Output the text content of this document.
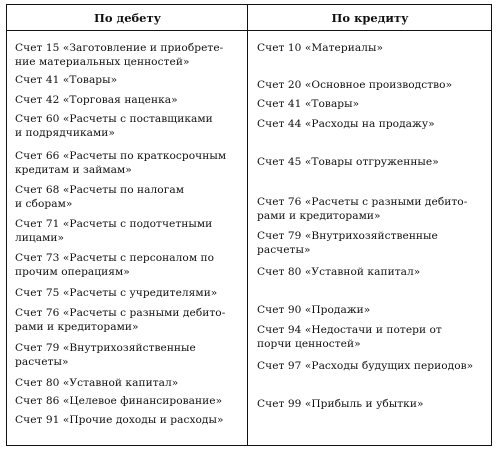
По дебету	По кредиту
Счет 15 «Заготовление и приобрете-
ние материальных ценностей»
Счет 41 «Товары»
Счет 42 «Торговая наценка»
Счет 60 «Расчеты с поставщиками
и подрядчиками»
Счет 66 «Расчеты по краткосрочным
кредитам и займам»
Счет 68 «Расчеты по налогам
и сборам»
Счет 71 «Расчеты с подотчетными
лицами»
Счет 73 «Расчеты с персоналом по
прочим операциям»
Счет 75 «Расчеты с учредителями»
Счет 76 «Расчеты с разными дебито-
рами и кредиторами»
Счет 79 «Внутрихозяйственные
расчеты»
Счет 80 «Уставной капитал»
Счет 86 «Целевое финансирование»
Счет 91 «Прочие доходы и расходы»
Счет 10 «Материалы»
Счет 20 «Основное производство»
Счет 41 «Товары»
Счет 44 «Расходы на продажу»
Счет 45 «Товары отгруженные»
Счет 76 «Расчеты с разными дебито-
рами и кредиторами»
Счет 79 «Внутрихозяйственные
расчеты»
Счет 80 «Уставной капитал»
Счет 90 «Продажи»
Счет 94 «Недостачи и потери от
порчи ценностей»
Счет 97 «Расходы будущих периодов»
Счет 99 «Прибыль и убытки»
